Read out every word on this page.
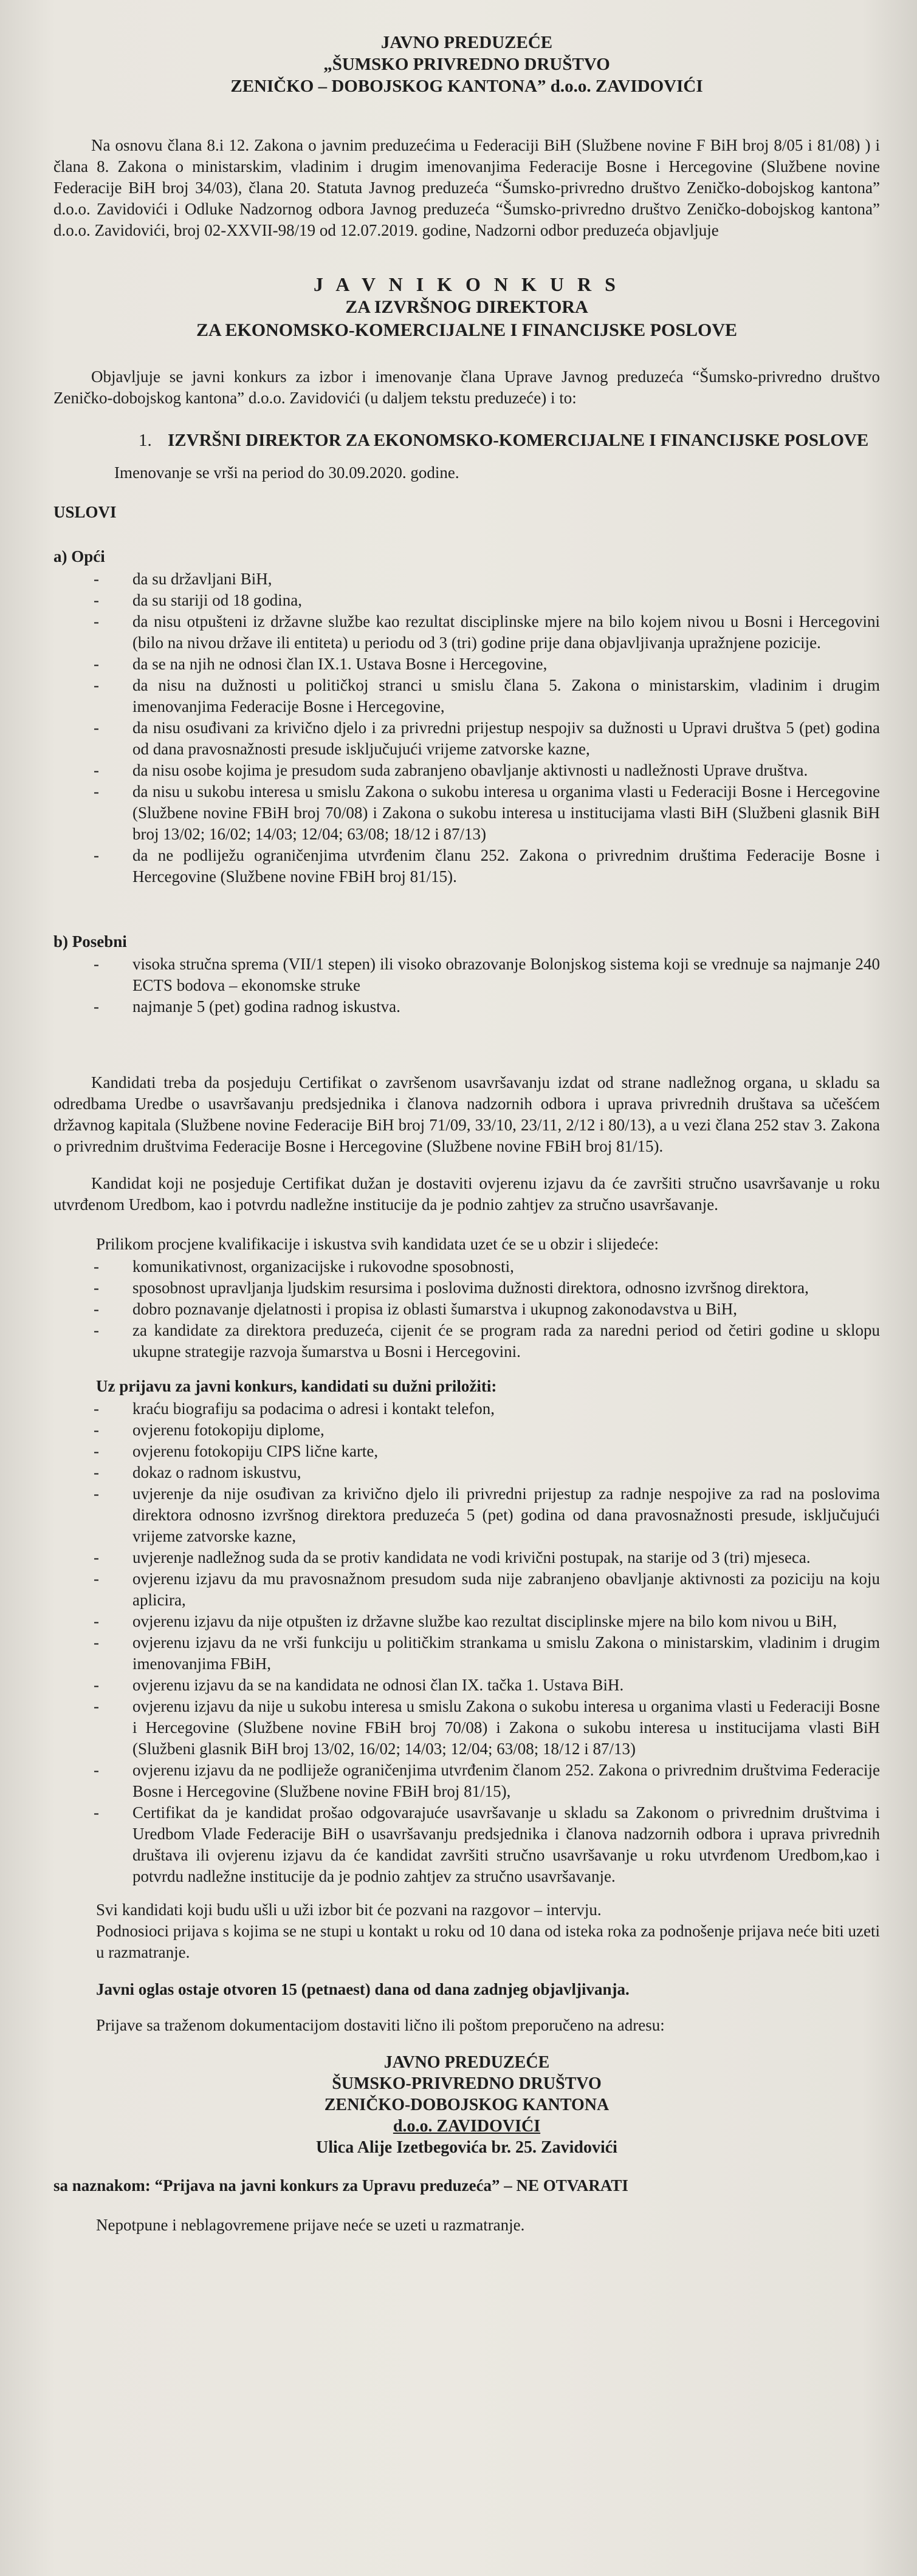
JAVNO PREDUZEĆE
„ŠUMSKO PRIVREDNO DRUŠTVO
ZENIČKO – DOBOJSKOG KANTONA” d.o.o. ZAVIDOVIĆI

Na osnovu člana 8.i 12. Zakona o javnim preduzećima u Federaciji BiH (Službene novine F BiH broj 8/05 i 81/08) ) i člana 8. Zakona o ministarskim, vladinim i drugim imenovanjima Federacije Bosne i Hercegovine (Službene novine Federacije BiH broj 34/03), člana 20. Statuta Javnog preduzeća “Šumsko-privredno društvo Zeničko-dobojskog kantona” d.o.o. Zavidovići i Odluke Nadzornog odbora Javnog preduzeća “Šumsko-privredno društvo Zeničko-dobojskog kantona” d.o.o. Zavidovići, broj 02-XXVII-98/19 od 12.07.2019. godine, Nadzorni odbor preduzeća objavljuje

J A V N I K O N K U R S
ZA IZVRŠNOG DIREKTORA
ZA EKONOMSKO-KOMERCIJALNE I FINANCIJSKE POSLOVE

Objavljuje se javni konkurs za izbor i imenovanje člana Uprave Javnog preduzeća “Šumsko-privredno društvo Zeničko-dobojskog kantona” d.o.o. Zavidovići (u daljem tekstu preduzeće) i to:

1. IZVRŠNI DIREKTOR ZA EKONOMSKO-KOMERCIJALNE I FINANCIJSKE POSLOVE

Imenovanje se vrši na period do 30.09.2020. godine.

USLOVI
a) Opći
- da su državljani BiH,
- da su stariji od 18 godina,
- da nisu otpušteni iz državne službe kao rezultat disciplinske mjere na bilo kojem nivou u Bosni i Hercegovini (bilo na nivou države ili entiteta) u periodu od 3 (tri) godine prije dana objavljivanja upražnjene pozicije.
- da se na njih ne odnosi član IX.1. Ustava Bosne i Hercegovine,
- da nisu na dužnosti u političkoj stranci u smislu člana 5. Zakona o ministarskim, vladinim i drugim imenovanjima Federacije Bosne i Hercegovine,
- da nisu osuđivani za krivično djelo i za privredni prijestup nespojiv sa dužnosti u Upravi društva 5 (pet) godina od dana pravosnažnosti presude isključujući vrijeme zatvorske kazne,
- da nisu osobe kojima je presudom suda zabranjeno obavljanje aktivnosti u nadležnosti Uprave društva.
- da nisu u sukobu interesa u smislu Zakona o sukobu interesa u organima vlasti u Federaciji Bosne i Hercegovine (Službene novine FBiH broj 70/08) i Zakona o sukobu interesa u institucijama vlasti BiH (Službeni glasnik BiH broj 13/02; 16/02; 14/03; 12/04; 63/08; 18/12 i 87/13)
- da ne podliježu ograničenjima utvrđenim članu 252. Zakona o privrednim društima Federacije Bosne i Hercegovine (Službene novine FBiH broj 81/15).
b) Posebni
- visoka stručna sprema (VII/1 stepen) ili visoko obrazovanje Bolonjskog sistema koji se vrednuje sa najmanje 240 ECTS bodova – ekonomske struke
- najmanje 5 (pet) godina radnog iskustva.

Kandidati treba da posjeduju Certifikat o završenom usavršavanju izdat od strane nadležnog organa, u skladu sa odredbama Uredbe o usavršavanju predsjednika i članova nadzornih odbora i uprava privrednih društava sa učešćem državnog kapitala (Službene novine Federacije BiH broj 71/09, 33/10, 23/11, 2/12 i 80/13), a u vezi člana 252 stav 3. Zakona o privrednim društvima Federacije Bosne i Hercegovine (Službene novine FBiH broj 81/15).

Kandidat koji ne posjeduje Certifikat dužan je dostaviti ovjerenu izjavu da će završiti stručno usavršavanje u roku utvrđenom Uredbom, kao i potvrdu nadležne institucije da je podnio zahtjev za stručno usavršavanje.

Prilikom procjene kvalifikacije i iskustva svih kandidata uzet će se u obzir i slijedeće:

- komunikativnost, organizacijske i rukovodne sposobnosti,
- sposobnost upravljanja ljudskim resursima i poslovima dužnosti direktora, odnosno izvršnog direktora,
- dobro poznavanje djelatnosti i propisa iz oblasti šumarstva i ukupnog zakonodavstva u BiH,
- za kandidate za direktora preduzeća, cijenit će se program rada za naredni period od četiri godine u sklopu ukupne strategije razvoja šumarstva u Bosni i Hercegovini.
Uz prijavu za javni konkurs, kandidati su dužni priložiti:
- kraću biografiju sa podacima o adresi i kontakt telefon,
- ovjerenu fotokopiju diplome,
- ovjerenu fotokopiju CIPS lične karte,
- dokaz o radnom iskustvu,
- uvjerenje da nije osuđivan za krivično djelo ili privredni prijestup za radnje nespojive za rad na poslovima direktora odnosno izvršnog direktora preduzeća 5 (pet) godina od dana pravosnažnosti presude, isključujući vrijeme zatvorske kazne,
- uvjerenje nadležnog suda da se protiv kandidata ne vodi krivični postupak, na starije od 3 (tri) mjeseca.
- ovjerenu izjavu da mu pravosnažnom presudom suda nije zabranjeno obavljanje aktivnosti za poziciju na koju aplicira,
- ovjerenu izjavu da nije otpušten iz državne službe kao rezultat disciplinske mjere na bilo kom nivou u BiH,
- ovjerenu izjavu da ne vrši funkciju u političkim strankama u smislu Zakona o ministarskim, vladinim i drugim imenovanjima FBiH,
- ovjerenu izjavu da se na kandidata ne odnosi član IX. tačka 1. Ustava BiH.
- ovjerenu izjavu da nije u sukobu interesa u smislu Zakona o sukobu interesa u organima vlasti u Federaciji Bosne i Hercegovine (Službene novine FBiH broj 70/08) i Zakona o sukobu interesa u institucijama vlasti BiH (Službeni glasnik BiH broj 13/02, 16/02; 14/03; 12/04; 63/08; 18/12 i 87/13)
- ovjerenu izjavu da ne podliježe ograničenjima utvrđenim članom 252. Zakona o privrednim društvima Federacije Bosne i Hercegovine (Službene novine FBiH broj 81/15),
- Certifikat da je kandidat prošao odgovarajuće usavršavanje u skladu sa Zakonom o privrednim društvima i Uredbom Vlade Federacije BiH o usavršavanju predsjednika i članova nadzornih odbora i uprava privrednih društava ili ovjerenu izjavu da će kandidat završiti stručno usavršavanje u roku utvrđenom Uredbom,kao i potvrdu nadležne institucije da je podnio zahtjev za stručno usavršavanje.

Svi kandidati koji budu ušli u uži izbor bit će pozvani na razgovor – intervju.

Podnosioci prijava s kojima se ne stupi u kontakt u roku od 10 dana od isteka roka za podnošenje prijava neće biti uzeti u razmatranje.

Javni oglas ostaje otvoren 15 (petnaest) dana od dana zadnjeg objavljivanja.

Prijave sa traženom dokumentacijom dostaviti lično ili poštom preporučeno na adresu:

JAVNO PREDUZEĆE
ŠUMSKO-PRIVREDNO DRUŠTVO
ZENIČKO-DOBOJSKOG KANTONA
d.o.o. ZAVIDOVIĆI
Ulica Alije Izetbegovića br. 25. Zavidovići

sa naznakom: “Prijava na javni konkurs za Upravu preduzeća” – NE OTVARATI

Nepotpune i neblagovremene prijave neće se uzeti u razmatranje.
